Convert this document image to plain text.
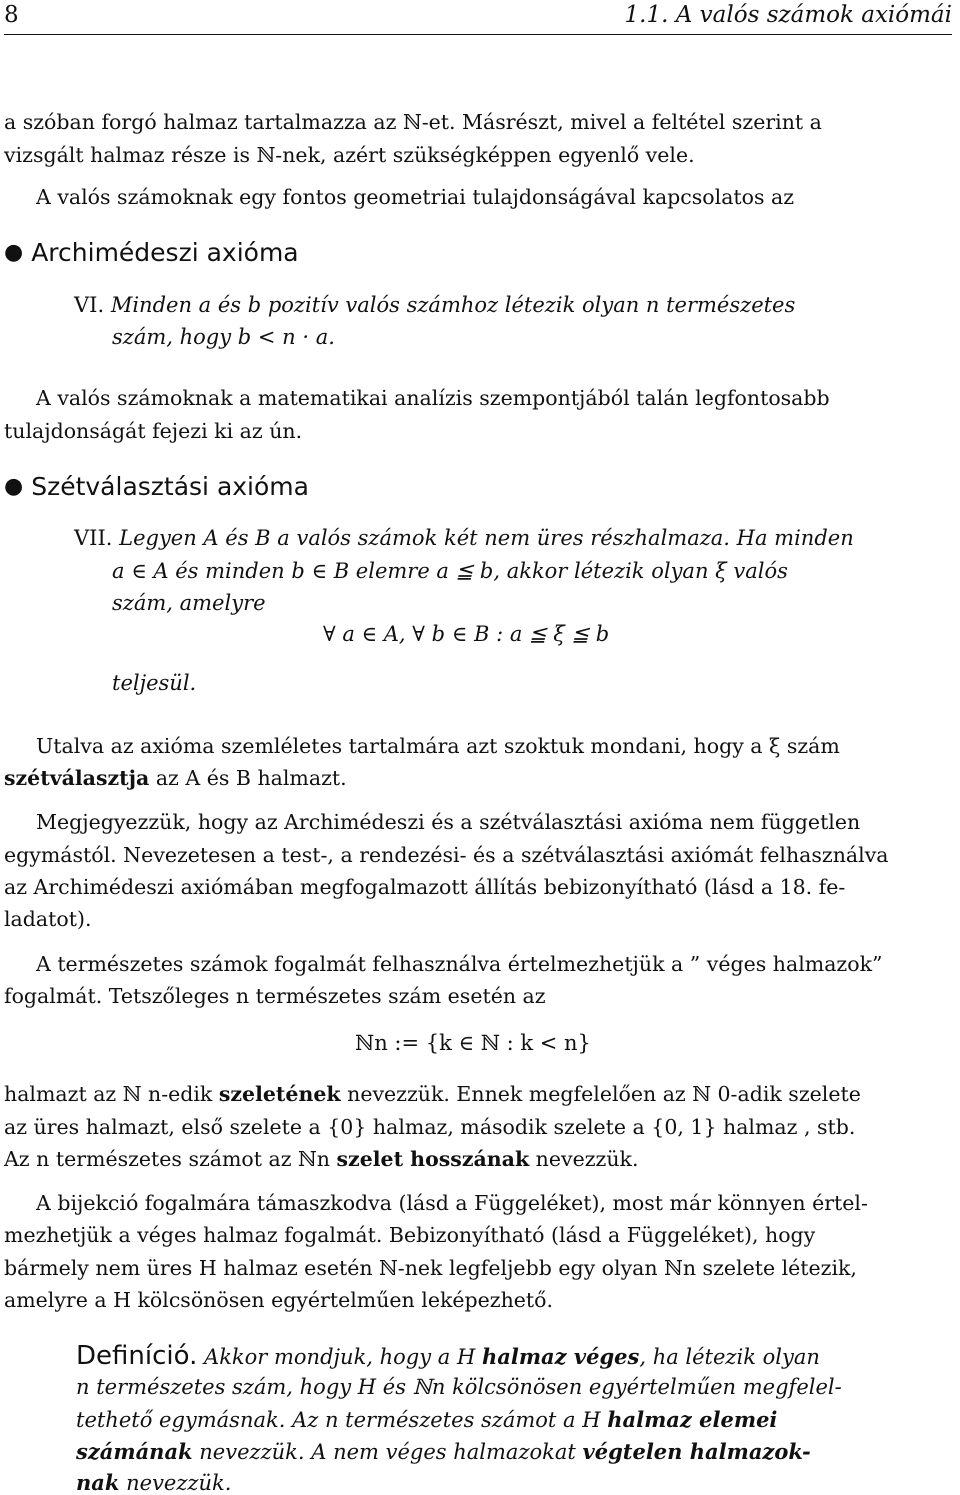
8	1.1. A valós számok axiómái
a szóban forgó halmaz tartalmazza az ℕ-et. Másrészt, mivel a feltétel szerint a
vizsgált halmaz része is ℕ-nek, azért szükségképpen egyenlő vele.
A valós számoknak egy fontos geometriai tulajdonságával kapcsolatos az
● Archimédeszi axióma
VI. Minden a és b pozitív valós számhoz létezik olyan n természetes
szám, hogy b < n · a.
A valós számoknak a matematikai analízis szempontjából talán legfontosabb
tulajdonságát fejezi ki az ún.
● Szétválasztási axióma
VII. Legyen A és B a valós számok két nem üres részhalmaza. Ha minden
a ∈ A és minden b ∈ B elemre a ≦ b, akkor létezik olyan ξ valós
szám, amelyre
∀ a ∈ A, ∀ b ∈ B : a ≦ ξ ≦ b
teljesül.
Utalva az axióma szemléletes tartalmára azt szoktuk mondani, hogy a ξ szám
szétválasztja az A és B halmazt.
Megjegyezzük, hogy az Archimédeszi és a szétválasztási axióma nem független
egymástól. Nevezetesen a test-, a rendezési- és a szétválasztási axiómát felhasználva
az Archimédeszi axiómában megfogalmazott állítás bebizonyítható (lásd a 18. fe-
ladatot).
A természetes számok fogalmát felhasználva értelmezhetjük a ” véges halmazok”
fogalmát. Tetszőleges n természetes szám esetén az
ℕn := {k ∈ ℕ : k < n}
halmazt az ℕ n-edik szeletének nevezzük. Ennek megfelelően az ℕ 0-adik szelete
az üres halmazt, első szelete a {0} halmaz, második szelete a {0, 1} halmaz , stb.
Az n természetes számot az ℕn szelet hosszának nevezzük.
A bijekció fogalmára támaszkodva (lásd a Függeléket), most már könnyen értel-
mezhetjük a véges halmaz fogalmát. Bebizonyítható (lásd a Függeléket), hogy
bármely nem üres H halmaz esetén ℕ-nek legfeljebb egy olyan ℕn szelete létezik,
amelyre a H kölcsönösen egyértelműen leképezhető.
Definíció. Akkor mondjuk, hogy a H halmaz véges, ha létezik olyan
n természetes szám, hogy H és ℕn kölcsönösen egyértelműen megfelel-
tethető egymásnak. Az n természetes számot a H halmaz elemei
számának nevezzük. A nem véges halmazokat végtelen halmazok-
nak nevezzük.
